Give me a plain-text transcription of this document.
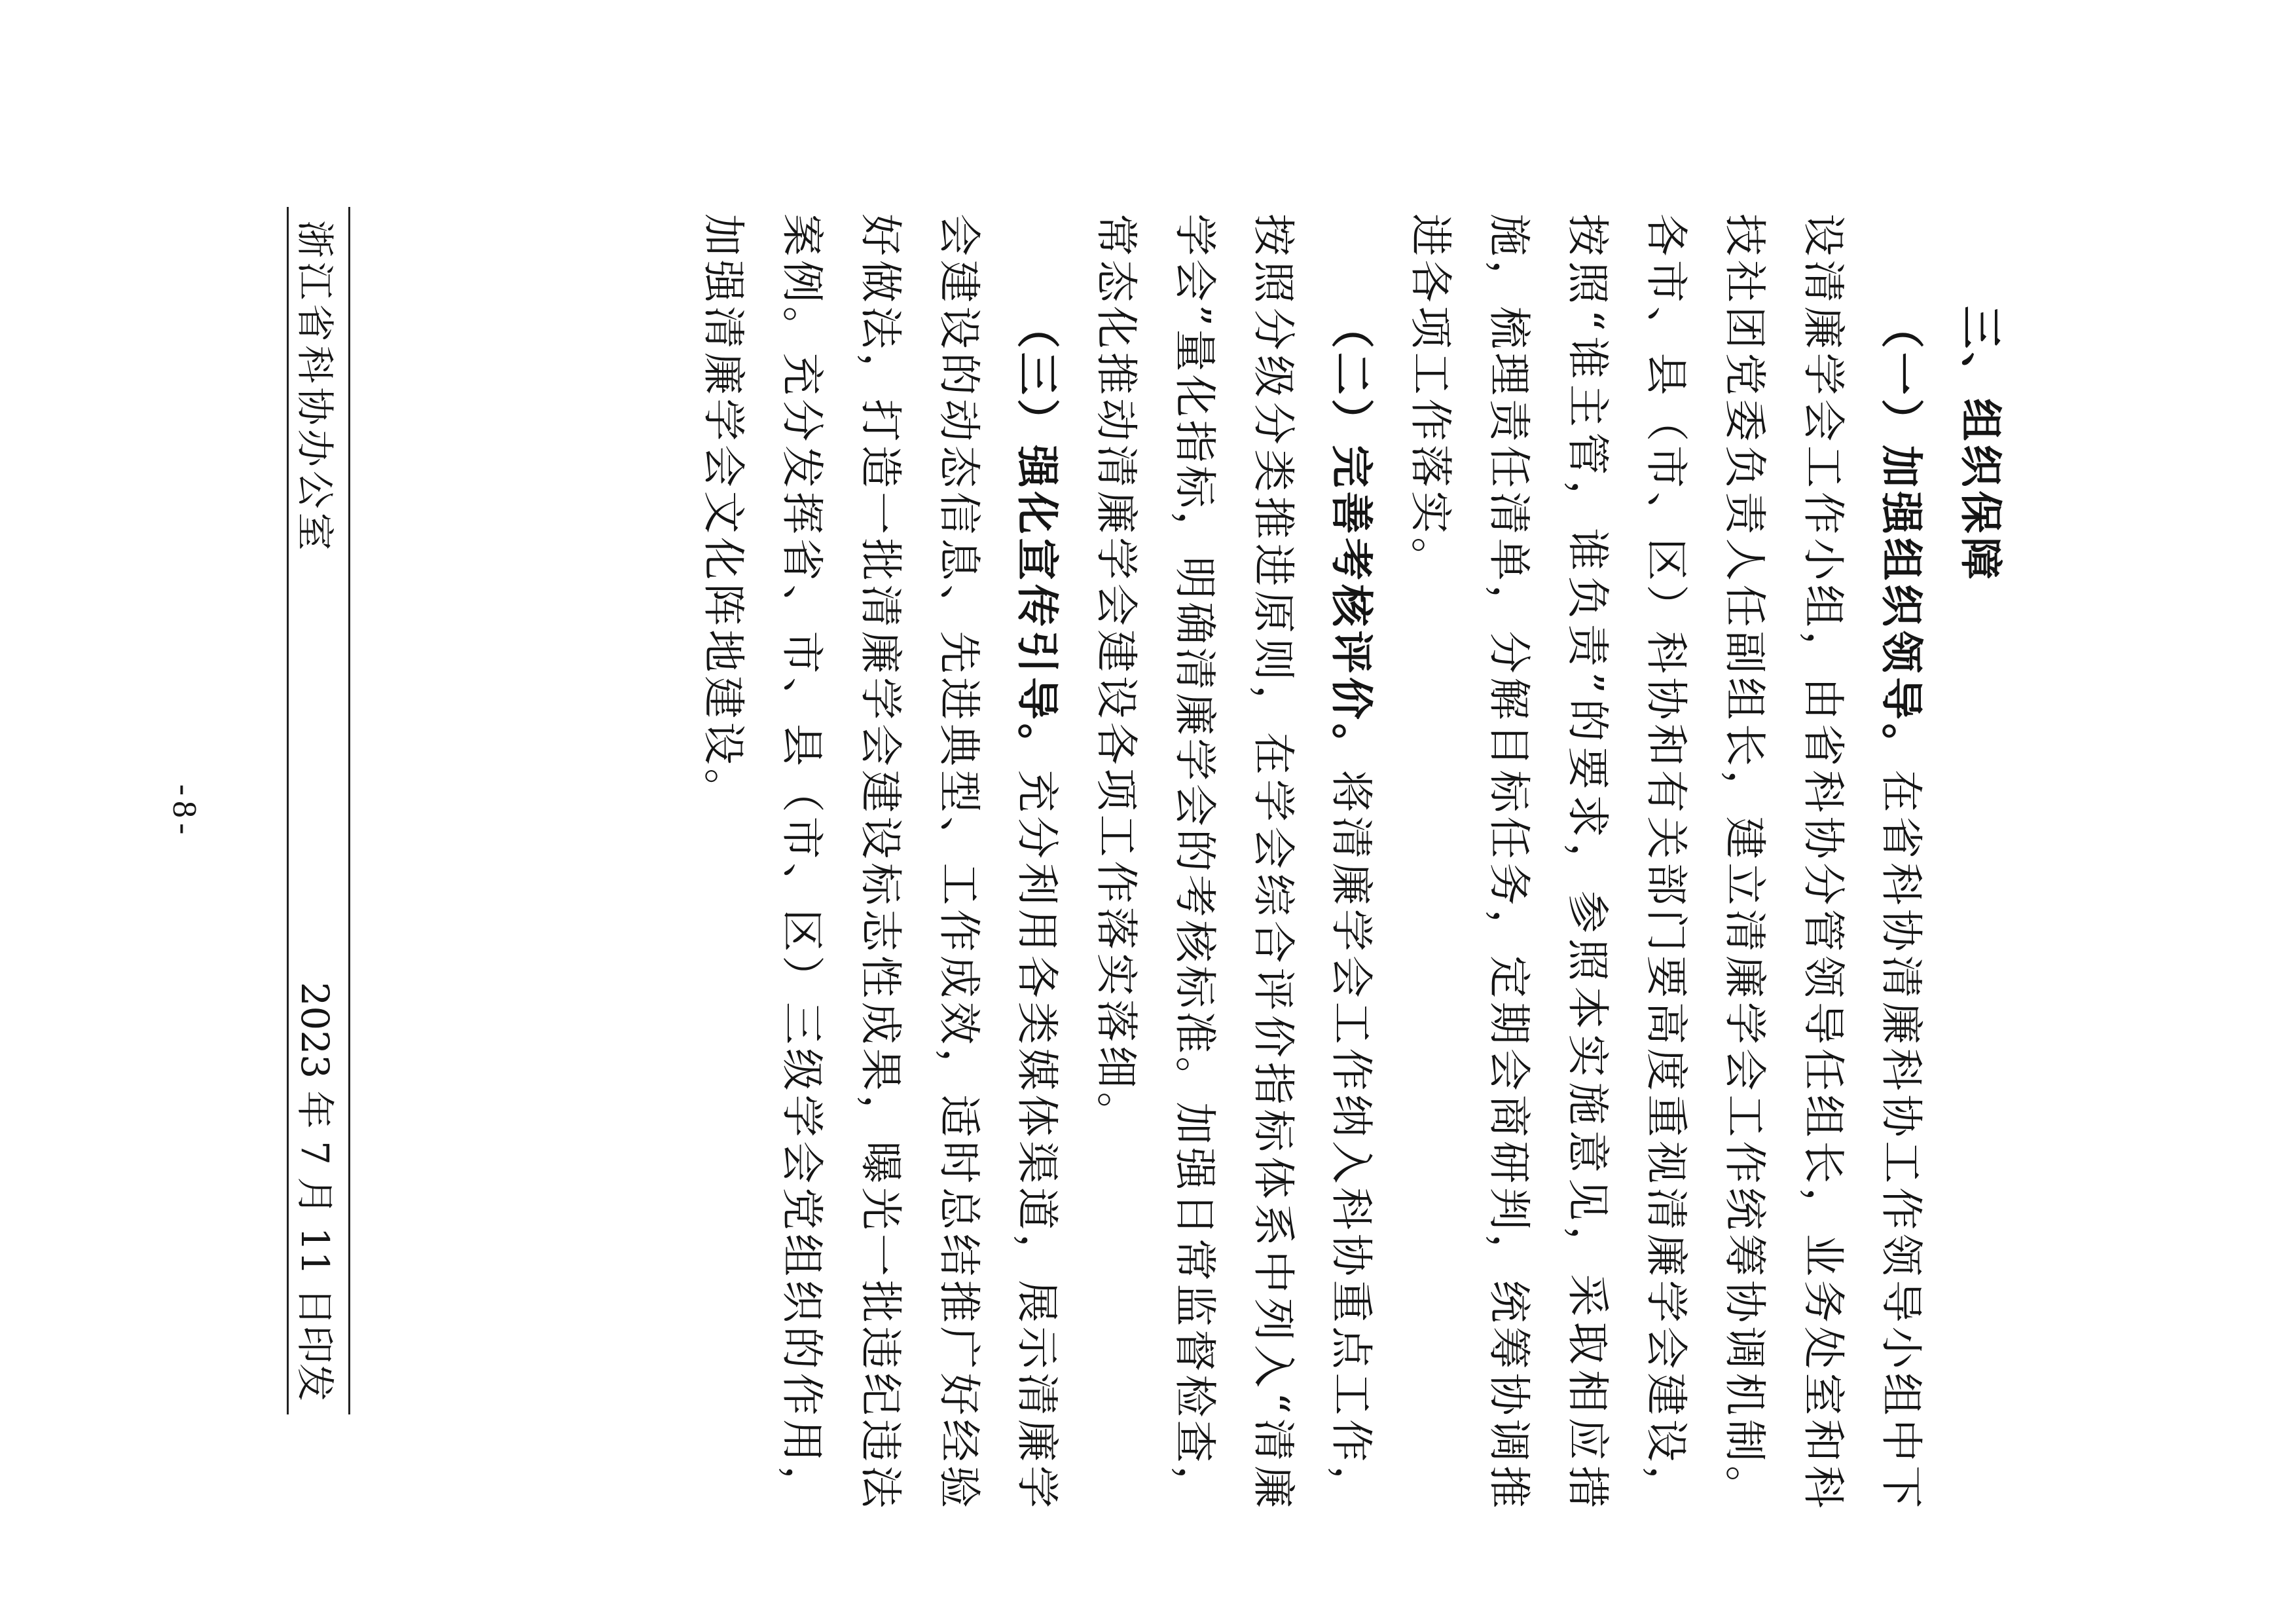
三、组织保障
（一）加强组织领导。在省科协清廉科协工作领导小组中下
设清廉学会工作小组，由省科协分管领导任组长，业务处室和科
技社团党委负责人任副组长，建立清廉学会工作统筹协调机制。
各市、县（市、区）科协和有关部门要高度重视清廉学会建设，
按照“谁主管，谁负责”的要求，参照本实施意见，采取相应措
施，梳理责任清单，分解目标任务，定期会商研判，统筹协调推
进各项工作落实。
（二）完善考核评价。将清廉学会工作纳入科协重点工作，
按照分级分类推进原则，在学会综合评价指标体系中列入“清廉
学会”量化指标，明确清廉学会的考核标准。加强日常监督检查，
常态化推动清廉学会建设各项工作落实落细。
（三）强化宣传引导。充分利用各类媒体渠道，展示清廉学
会建设的动态信息、先进典型、工作成效，适时总结推广好经验
好做法，打造一批清廉学会建设标志性成果，曝光一批违纪违法
案例。充分发挥省、市、县（市、区）三级学会党组织的作用，
加强清廉学会文化阵地建设。
浙江省科协办公室
2023 年 7 月 11 日印发
-8-
